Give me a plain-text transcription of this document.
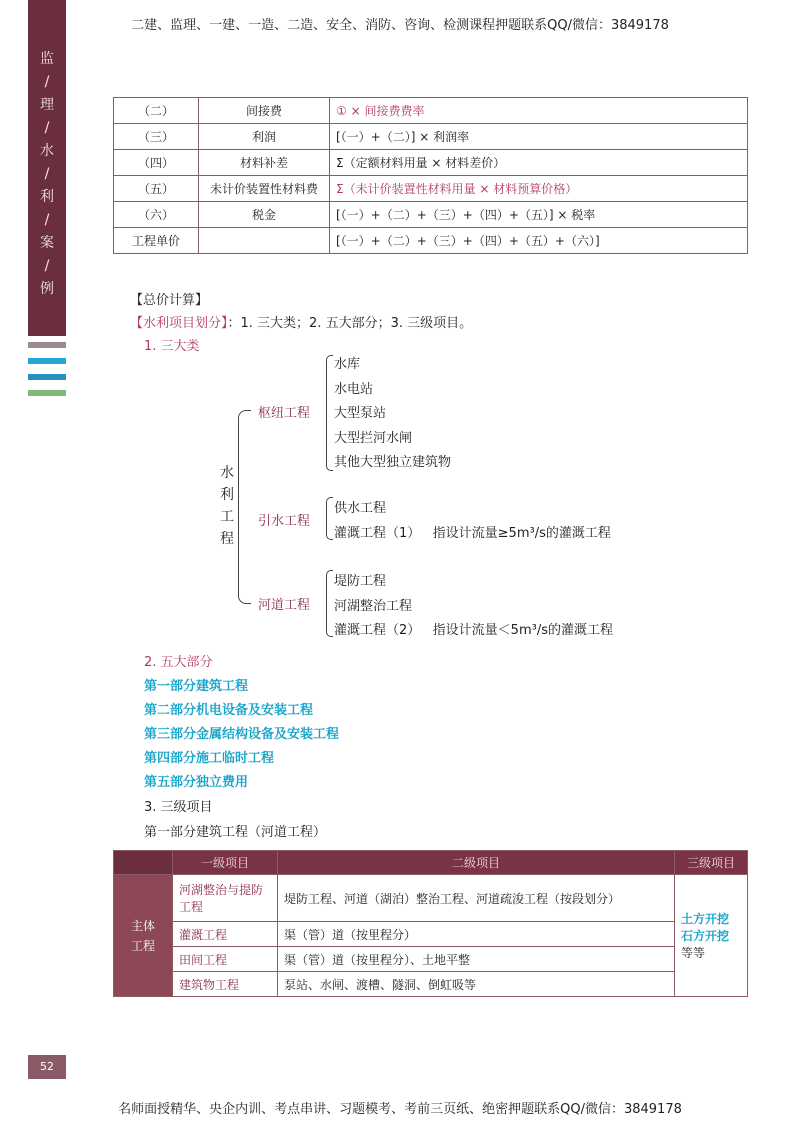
二建、监理、一建、一造、二造、安全、消防、咨询、检测课程押题联系QQ/微信：3849178
名师面授精华、央企内训、考点串讲、习题模考、考前三页纸、绝密押题联系QQ/微信：3849178
监
/
理
/
水
/
利
/
案
/
例
52
（二）	间接费	① × 间接费费率
（三）	利润	[（一）+（二）] × 利润率
（四）	材料补差	Σ（定额材料用量 × 材料差价）
（五）	未计价装置性材料费	Σ（未计价装置性材料用量 × 材料预算价格）
（六）	税金	[（一）+（二）+（三）+（四）+（五）] × 税率
工程单价		[（一）+（二）+（三）+（四）+（五）+（六）]
【总价计算】
【水利项目划分】：1. 三大类；2. 五大部分；3. 三级项目。
1. 三大类
水
利
工
程
枢纽工程
水库
水电站
大型泵站
大型拦河水闸
其他大型独立建筑物
引水工程
供水工程
灌溉工程（1）   指设计流量≥5m³/s的灌溉工程
河道工程
堤防工程
河湖整治工程
灌溉工程（2）   指设计流量＜5m³/s的灌溉工程
2. 五大部分
第一部分建筑工程
第二部分机电设备及安装工程
第三部分金属结构设备及安装工程
第四部分施工临时工程
第五部分独立费用
3. 三级项目
第一部分建筑工程（河道工程）
	一级项目	二级项目	三级项目
主体工程	河湖整治与提防工程	堤防工程、河道（湖泊）整治工程、河道疏浚工程（按段划分）	土方开挖
石方开挖
等等

	灌溉工程	渠（管）道（按里程分）	
	田间工程	渠（管）道（按里程分）、土地平整	
	建筑物工程	泵站、水闸、渡槽、隧洞、倒虹吸等	
